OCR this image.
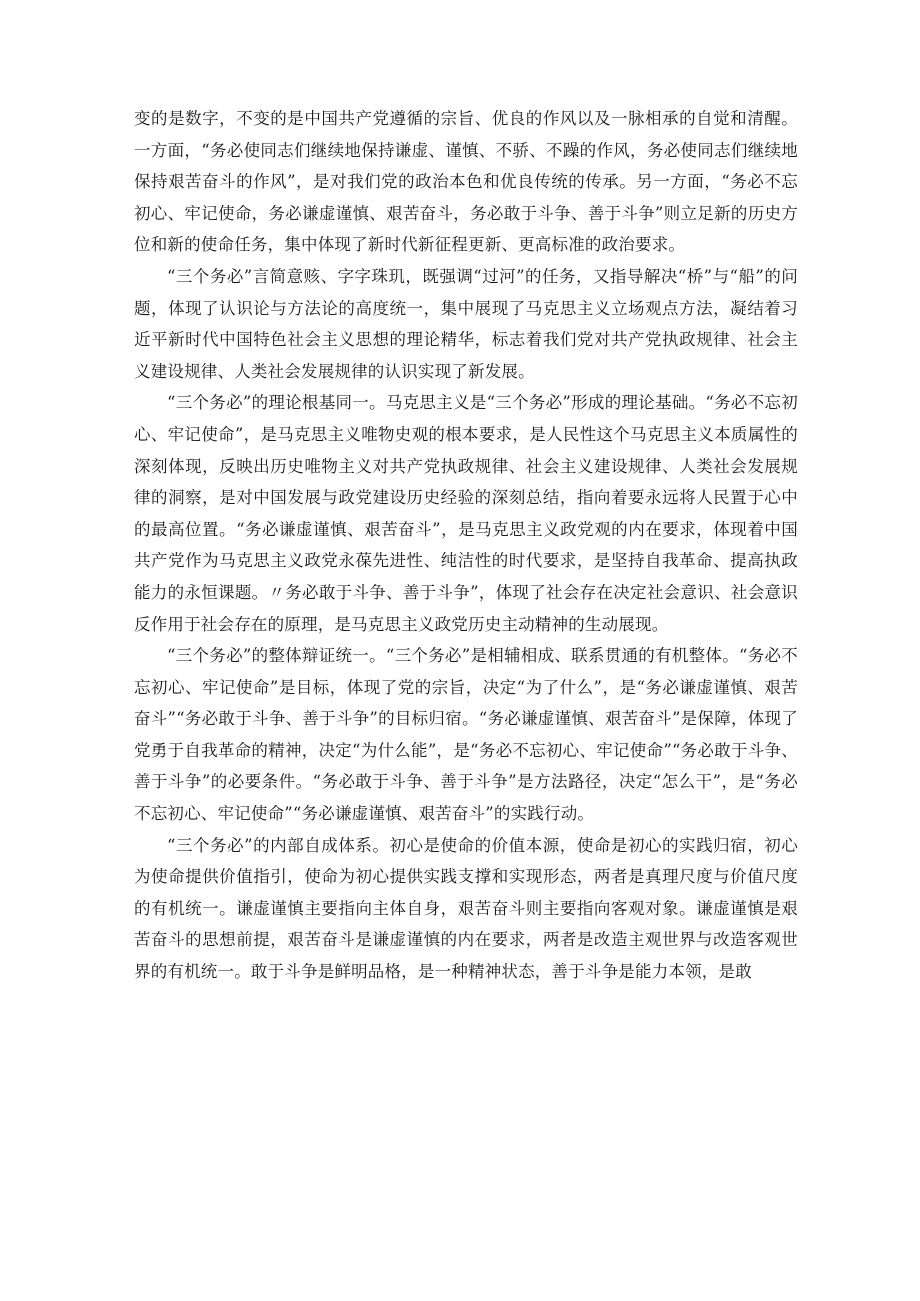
变的是数字，不变的是中国共产党遵循的宗旨、优良的作风以及一脉相承的自觉和清醒。一方面，“务必使同志们继续地保持谦虚、谨慎、不骄、不躁的作风，务必使同志们继续地保持艰苦奋斗的作风”，是对我们党的政治本色和优良传统的传承。另一方面，“务必不忘初心、牢记使命，务必谦虚谨慎、艰苦奋斗，务必敢于斗争、善于斗争”则立足新的历史方位和新的使命任务，集中体现了新时代新征程更新、更高标准的政治要求。

“三个务必”言简意赅、字字珠玑，既强调“过河”的任务，又指导解决“桥”与“船”的问题，体现了认识论与方法论的高度统一，集中展现了马克思主义立场观点方法，凝结着习近平新时代中国特色社会主义思想的理论精华，标志着我们党对共产党执政规律、社会主义建设规律、人类社会发展规律的认识实现了新发展。

“三个务必”的理论根基同一。马克思主义是“三个务必”形成的理论基础。“务必不忘初心、牢记使命”，是马克思主义唯物史观的根本要求，是人民性这个马克思主义本质属性的深刻体现，反映出历史唯物主义对共产党执政规律、社会主义建设规律、人类社会发展规律的洞察，是对中国发展与政党建设历史经验的深刻总结，指向着要永远将人民置于心中的最高位置。“务必谦虚谨慎、艰苦奋斗”，是马克思主义政党观的内在要求，体现着中国共产党作为马克思主义政党永葆先进性、纯洁性的时代要求，是坚持自我革命、提高执政能力的永恒课题。〃务必敢于斗争、善于斗争”，体现了社会存在决定社会意识、社会意识反作用于社会存在的原理，是马克思主义政党历史主动精神的生动展现。

“三个务必”的整体辩证统一。“三个务必”是相辅相成、联系贯通的有机整体。“务必不忘初心、牢记使命”是目标，体现了党的宗旨，决定“为了什么”，是“务必谦虚谨慎、艰苦奋斗”“务必敢于斗争、善于斗争”的目标归宿。“务必谦虚谨慎、艰苦奋斗”是保障，体现了党勇于自我革命的精神，决定“为什么能”，是“务必不忘初心、牢记使命”“务必敢于斗争、善于斗争”的必要条件。“务必敢于斗争、善于斗争”是方法路径，决定“怎么干”，是“务必不忘初心、牢记使命”“务必谦虚谨慎、艰苦奋斗”的实践行动。

“三个务必”的内部自成体系。初心是使命的价值本源，使命是初心的实践归宿，初心为使命提供价值指引，使命为初心提供实践支撑和实现形态，两者是真理尺度与价值尺度的有机统一。谦虚谨慎主要指向主体自身，艰苦奋斗则主要指向客观对象。谦虚谨慎是艰苦奋斗的思想前提，艰苦奋斗是谦虚谨慎的内在要求，两者是改造主观世界与改造客观世界的有机统一。敢于斗争是鲜明品格，是一种精神状态，善于斗争是能力本领，是敢
